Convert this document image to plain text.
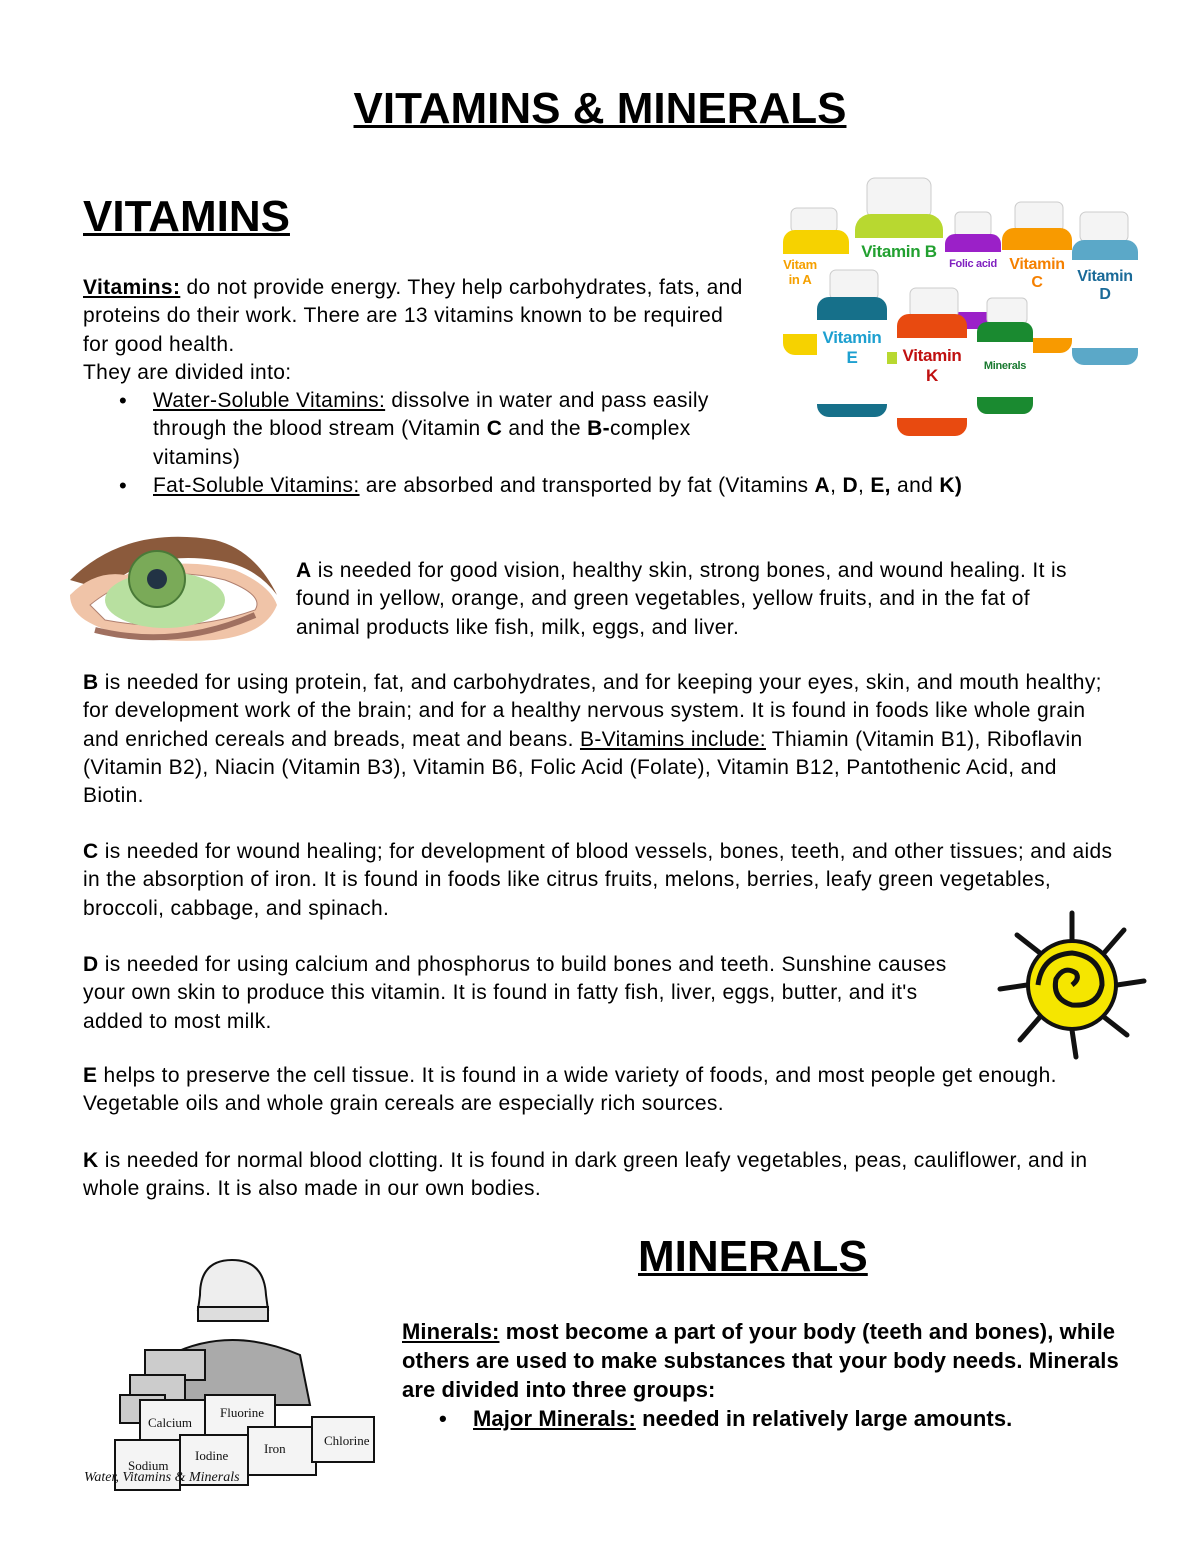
VITAMINS & MINERALS
VITAMINS

Vitamins: do not provide energy. They help carbohydrates, fats, and proteins do their work. There are 13 vitamins known to be required for good health.

They are divided into:

• Water-Soluble Vitamins: dissolve in water and pass easily through the blood stream (Vitamin C and the B-complex vitamins)
• Fat-Soluble Vitamins: are absorbed and transported by fat (Vitamins A, D, E, and K)
Vitamin A
Vitamin B
Folic acid Vitamin C	Vitamin D
Vitamin E	Vitamin K	Minerals
A is needed for good vision, healthy skin, strong bones, and wound healing. It is found in yellow, orange, and green vegetables, yellow fruits, and in the fat of animal products like fish, milk, eggs, and liver.
B is needed for using protein, fat, and carbohydrates, and for keeping your eyes, skin, and mouth healthy; for development work of the brain; and for a healthy nervous system. It is found in foods like whole grain and enriched cereals and breads, meat and beans. B-Vitamins include: Thiamin (Vitamin B1), Riboflavin (Vitamin B2), Niacin (Vitamin B3), Vitamin B6, Folic Acid (Folate), Vitamin B12, Pantothenic Acid, and Biotin.
C is needed for wound healing; for development of blood vessels, bones, teeth, and other tissues; and aids in the absorption of iron. It is found in foods like citrus fruits, melons, berries, leafy green vegetables, broccoli, cabbage, and spinach.
D is needed for using calcium and phosphorus to build bones and teeth. Sunshine causes your own skin to produce this vitamin. It is found in fatty fish, liver, eggs, butter, and it's added to most milk.
E helps to preserve the cell tissue. It is found in a wide variety of foods, and most people get enough. Vegetable oils and whole grain cereals are especially rich sources.
K is needed for normal blood clotting. It is found in dark green leafy vegetables, peas, cauliflower, and in whole grains. It is also made in our own bodies.
Calcium
Fluorine
Sodium
Iodine	Iron
Chlorine
Water, Vitamins & Minerals
MINERALS
Minerals: most become a part of your body (teeth and bones), while others are used to make substances that your body needs. Minerals are divided into three groups:
• Major Minerals: needed in relatively large amounts.
